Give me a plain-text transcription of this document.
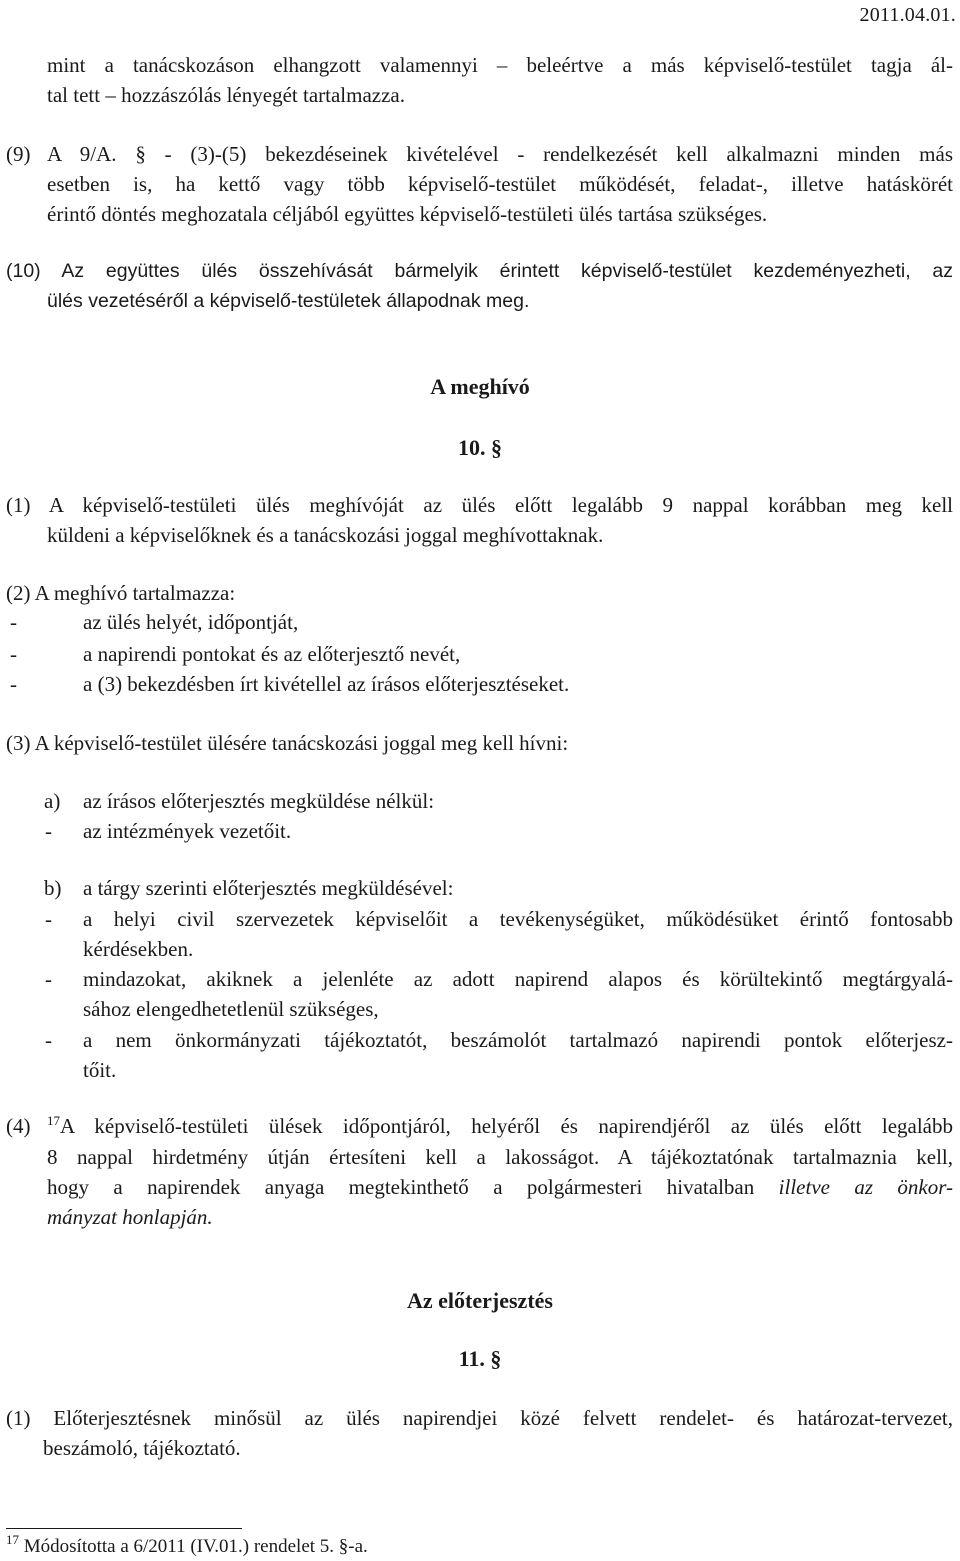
2011.04.01.
mint a tanácskozáson elhangzott valamennyi – beleértve a más képviselő-testület tagja ál-
tal tett – hozzászólás lényegét tartalmazza.
(9) A 9/A. § - (3)-(5) bekezdéseinek kivételével - rendelkezését kell alkalmazni minden más
esetben is, ha kettő vagy több képviselő-testület működését, feladat-, illetve hatáskörét
érintő döntés meghozatala céljából együttes képviselő-testületi ülés tartása szükséges.
(10) Az együttes ülés összehívását bármelyik érintett képviselő-testület kezdeményezheti, az
ülés vezetéséről a képviselő-testületek állapodnak meg.
A meghívó
10. §
(1) A képviselő-testületi ülés meghívóját az ülés előtt legalább 9 nappal korábban meg kell
küldeni a képviselőknek és a tanácskozási joggal meghívottaknak.
(2) A meghívó tartalmazza:
-	az ülés helyét, időpontját,
-	a napirendi pontokat és az előterjesztő nevét,
-	a (3) bekezdésben írt kivétellel az írásos előterjesztéseket.
(3) A képviselő-testület ülésére tanácskozási joggal meg kell hívni:
a) az írásos előterjesztés megküldése nélkül:
- az intézmények vezetőit.
b) a tárgy szerinti előterjesztés megküldésével:
- a helyi civil szervezetek képviselőit a tevékenységüket, működésüket érintő fontosabb
kérdésekben.
- mindazokat, akiknek a jelenléte az adott napirend alapos és körültekintő megtárgyalá-
sához elengedhetetlenül szükséges,
- a nem önkormányzati tájékoztatót, beszámolót tartalmazó napirendi pontok előterjesz-
tőit.
(4) $^{17}$A képviselő-testületi ülések időpontjáról, helyéről és napirendjéről az ülés előtt legalább
8 nappal hirdetmény útján értesíteni kell a lakosságot. A tájékoztatónak tartalmaznia kell,
hogy a napirendek anyaga megtekinthető a polgármesteri hivatalban illetve az önkor-
mányzat honlapján.
Az előterjesztés
11. §
(1) Előterjesztésnek minősül az ülés napirendjei közé felvett rendelet- és határozat-tervezet,
beszámoló, tájékoztató.
$^{17}$ Módosította a 6/2011 (IV.01.) rendelet 5. §-a.
